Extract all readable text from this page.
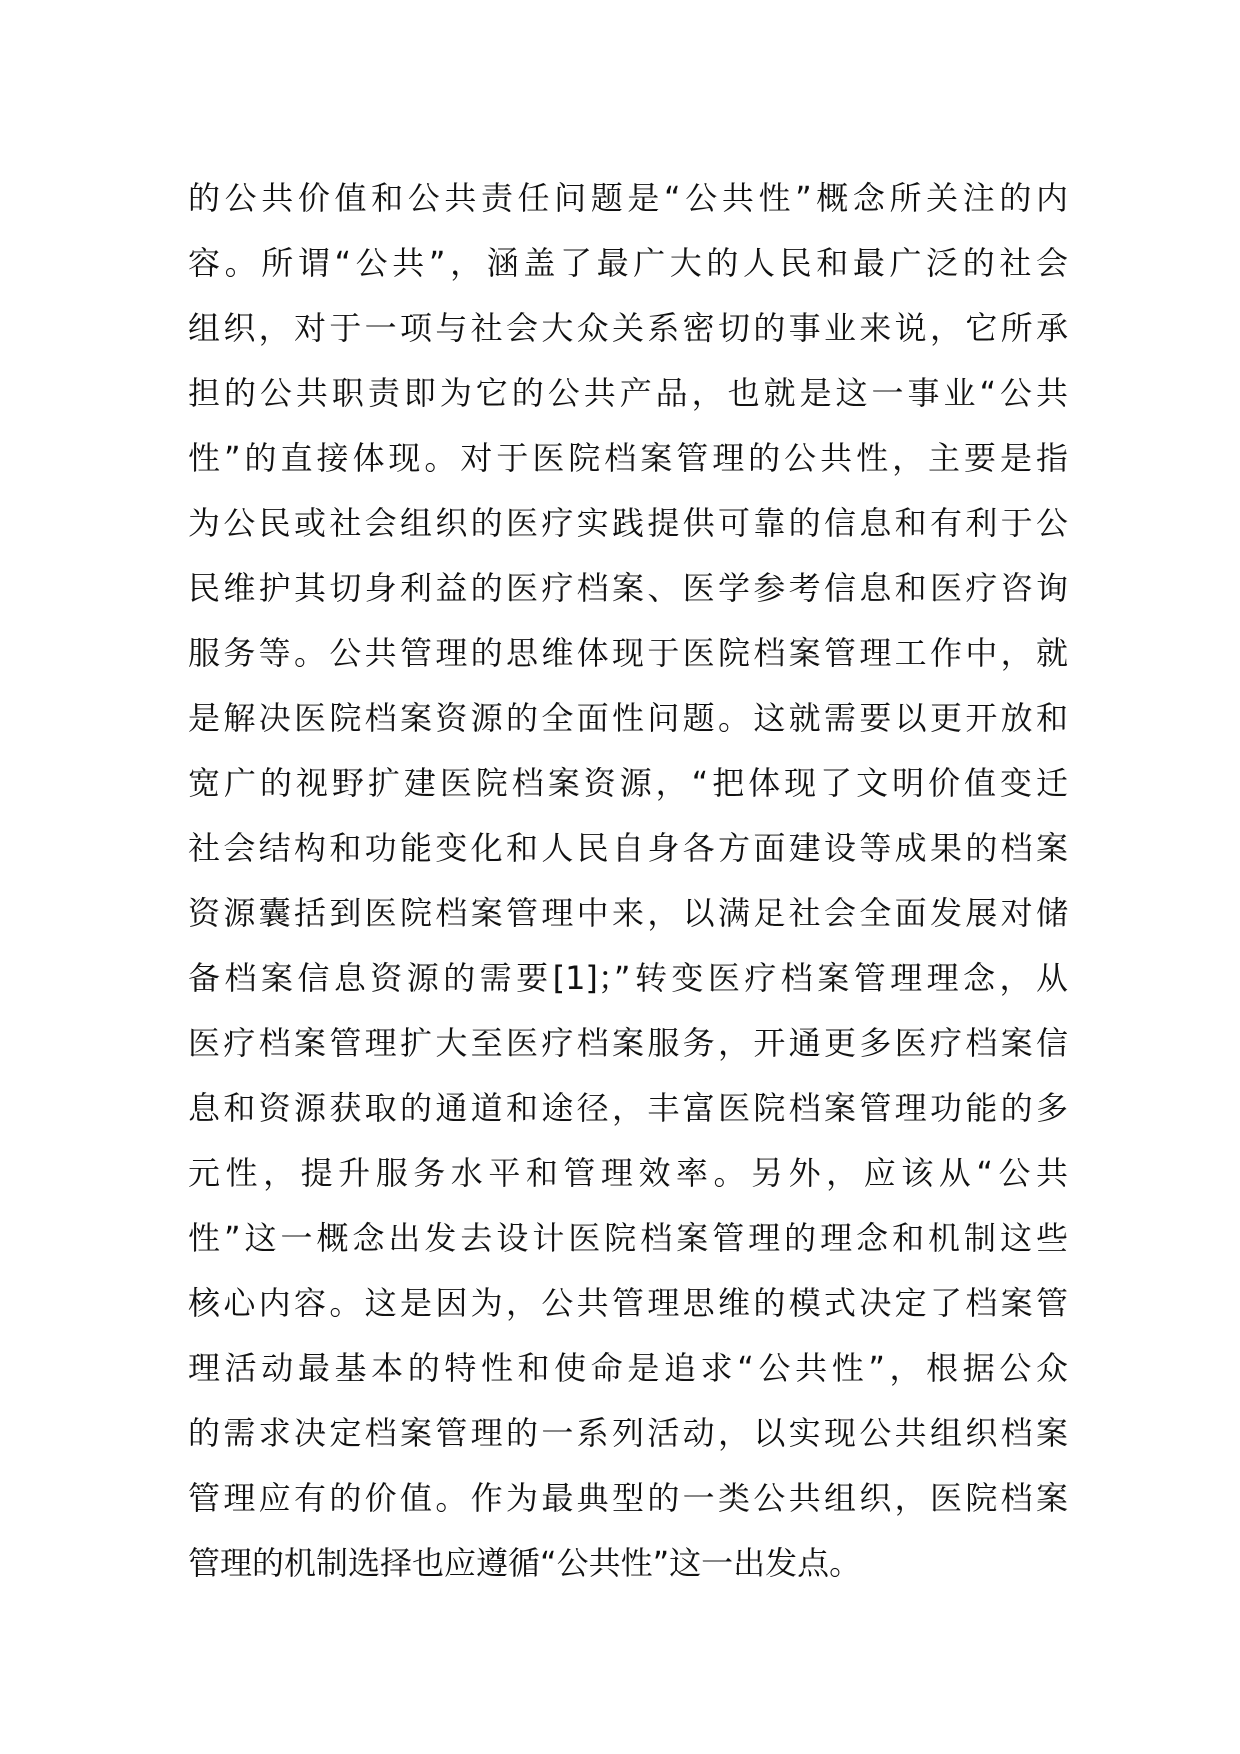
的公共价值和公共责任问题是“公共性”概念所关注的内
容。所谓“公共”，涵盖了最广大的人民和最广泛的社会
组织，对于一项与社会大众关系密切的事业来说，它所承
担的公共职责即为它的公共产品，也就是这一事业“公共
性”的直接体现。对于医院档案管理的公共性，主要是指
为公民或社会组织的医疗实践提供可靠的信息和有利于公
民维护其切身利益的医疗档案、医学参考信息和医疗咨询
服务等。公共管理的思维体现于医院档案管理工作中，就
是解决医院档案资源的全面性问题。这就需要以更开放和
宽广的视野扩建医院档案资源，“把体现了文明价值变迁
社会结构和功能变化和人民自身各方面建设等成果的档案
资源囊括到医院档案管理中来，以满足社会全面发展对储
备档案信息资源的需要[1]；”转变医疗档案管理理念，从
医疗档案管理扩大至医疗档案服务，开通更多医疗档案信
息和资源获取的通道和途径，丰富医院档案管理功能的多
元性，提升服务水平和管理效率。另外，应该从“公共
性”这一概念出发去设计医院档案管理的理念和机制这些
核心内容。这是因为，公共管理思维的模式决定了档案管
理活动最基本的特性和使命是追求“公共性”，根据公众
的需求决定档案管理的一系列活动，以实现公共组织档案
管理应有的价值。作为最典型的一类公共组织，医院档案
管理的机制选择也应遵循“公共性”这一出发点。
